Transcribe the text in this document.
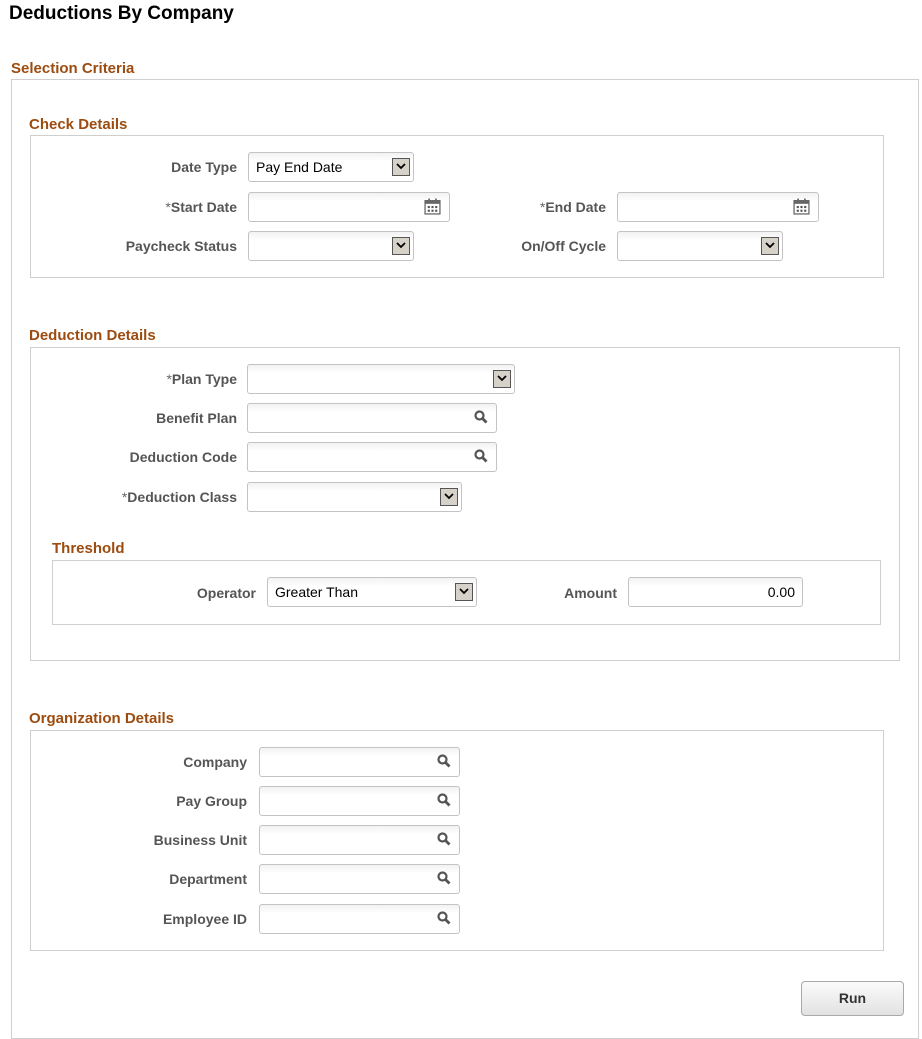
Deductions By Company
Selection Criteria
Check Details
Date Type	Pay End Date
*Start Date	*End Date
Paycheck Status	On/Off Cycle
Deduction Details
*Plan Type
Benefit Plan
Deduction Code
*Deduction Class
Threshold
Operator	Greater Than	Amount	0.00
Organization Details
Company
Pay Group
Business Unit
Department
Employee ID
Run
